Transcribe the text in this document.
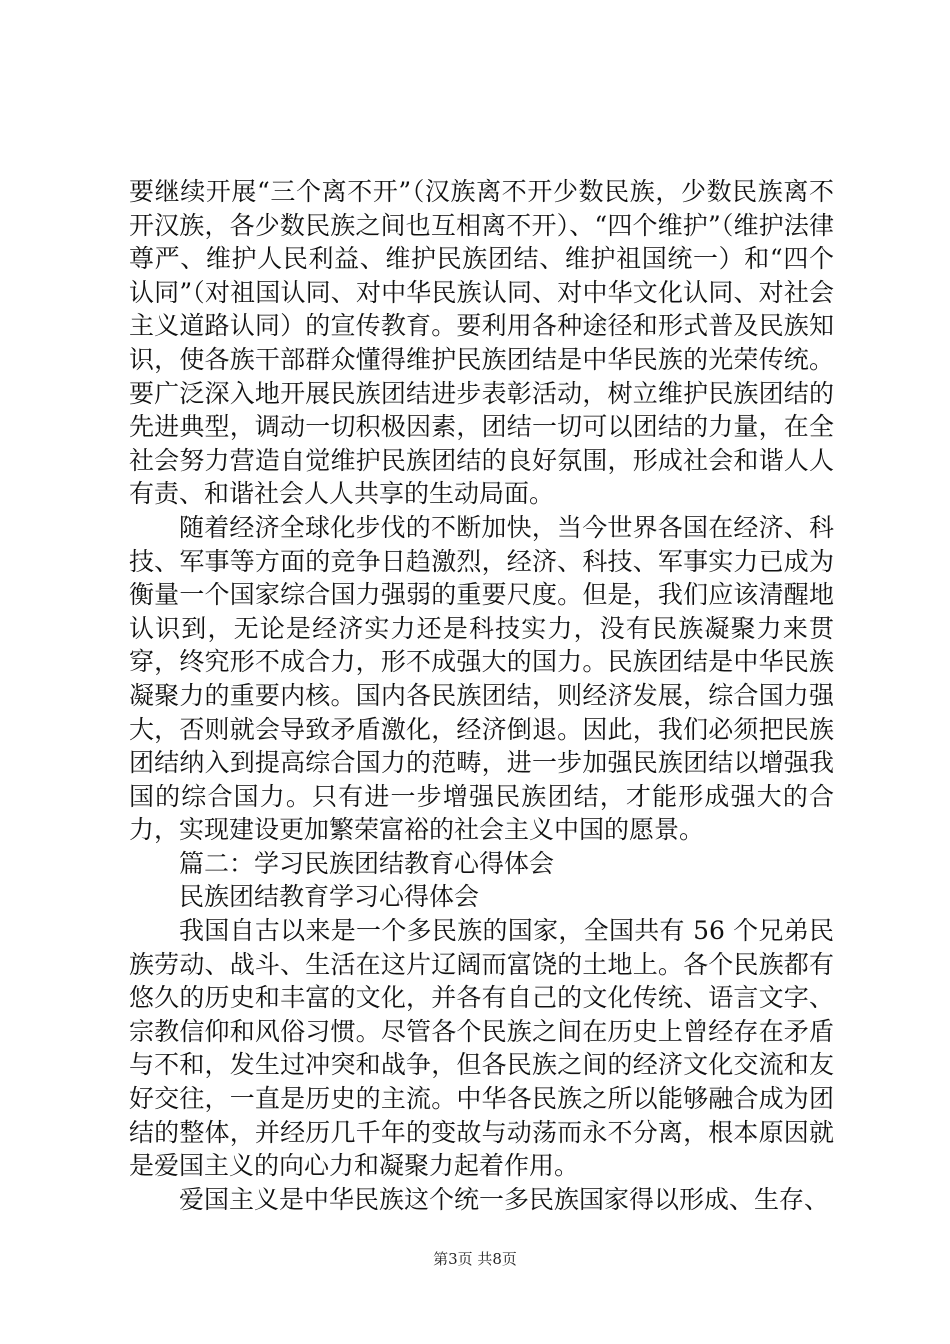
要继续开展“三个离不开”（汉族离不开少数民族，少数民族离不开汉族，各少数民族之间也互相离不开）、“四个维护”（维护法律尊严、维护人民利益、维护民族团结、维护祖国统一）和“四个认同”（对祖国认同、对中华民族认同、对中华文化认同、对社会主义道路认同）的宣传教育。要利用各种途径和形式普及民族知识，使各族干部群众懂得维护民族团结是中华民族的光荣传统。要广泛深入地开展民族团结进步表彰活动，树立维护民族团结的先进典型，调动一切积极因素，团结一切可以团结的力量，在全社会努力营造自觉维护民族团结的良好氛围，形成社会和谐人人有责、和谐社会人人共享的生动局面。

随着经济全球化步伐的不断加快，当今世界各国在经济、科技、军事等方面的竞争日趋激烈，经济、科技、军事实力已成为衡量一个国家综合国力强弱的重要尺度。但是，我们应该清醒地认识到，无论是经济实力还是科技实力，没有民族凝聚力来贯穿，终究形不成合力，形不成强大的国力。民族团结是中华民族凝聚力的重要内核。国内各民族团结，则经济发展，综合国力强大，否则就会导致矛盾激化，经济倒退。因此，我们必须把民族团结纳入到提高综合国力的范畴，进一步加强民族团结以增强我国的综合国力。只有进一步增强民族团结，才能形成强大的合力，实现建设更加繁荣富裕的社会主义中国的愿景。

篇二：学习民族团结教育心得体会

民族团结教育学习心得体会

我国自古以来是一个多民族的国家，全国共有 56 个兄弟民族劳动、战斗、生活在这片辽阔而富饶的土地上。各个民族都有悠久的历史和丰富的文化，并各有自己的文化传统、语言文字、宗教信仰和风俗习惯。尽管各个民族之间在历史上曾经存在矛盾与不和，发生过冲突和战争，但各民族之间的经济文化交流和友好交往，一直是历史的主流。中华各民族之所以能够融合成为团结的整体，并经历几千年的变故与动荡而永不分离，根本原因就是爱国主义的向心力和凝聚力起着作用。

爱国主义是中华民族这个统一多民族国家得以形成、生存、

第3页 共8页
